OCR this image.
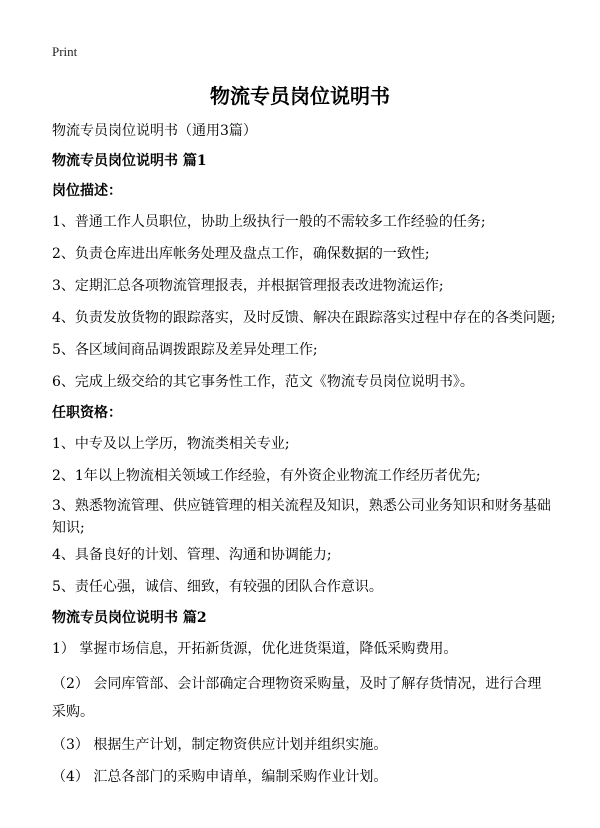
Print
物流专员岗位说明书
物流专员岗位说明书（通用3篇）
物流专员岗位说明书 篇1
岗位描述：
1、普通工作人员职位，协助上级执行一般的不需较多工作经验的任务;
2、负责仓库进出库帐务处理及盘点工作，确保数据的一致性;
3、定期汇总各项物流管理报表，并根据管理报表改进物流运作;
4、负责发放货物的跟踪落实，及时反馈、解决在跟踪落实过程中存在的各类问题;
5、各区域间商品调拨跟踪及差异处理工作;
6、完成上级交给的其它事务性工作，范文《物流专员岗位说明书》。
任职资格：
1、中专及以上学历，物流类相关专业;
2、1年以上物流相关领域工作经验，有外资企业物流工作经历者优先;
3、熟悉物流管理、供应链管理的相关流程及知识，熟悉公司业务知识和财务基础知识;
4、具备良好的计划、管理、沟通和协调能力;
5、责任心强，诚信、细致，有较强的团队合作意识。
物流专员岗位说明书 篇2
1） 掌握市场信息，开拓新货源，优化进货渠道，降低采购费用。
（2） 会同库管部、会计部确定合理物资采购量，及时了解存货情况，进行合理采购。
（3） 根据生产计划，制定物资供应计划并组织实施。
（4） 汇总各部门的采购申请单，编制采购作业计划。
